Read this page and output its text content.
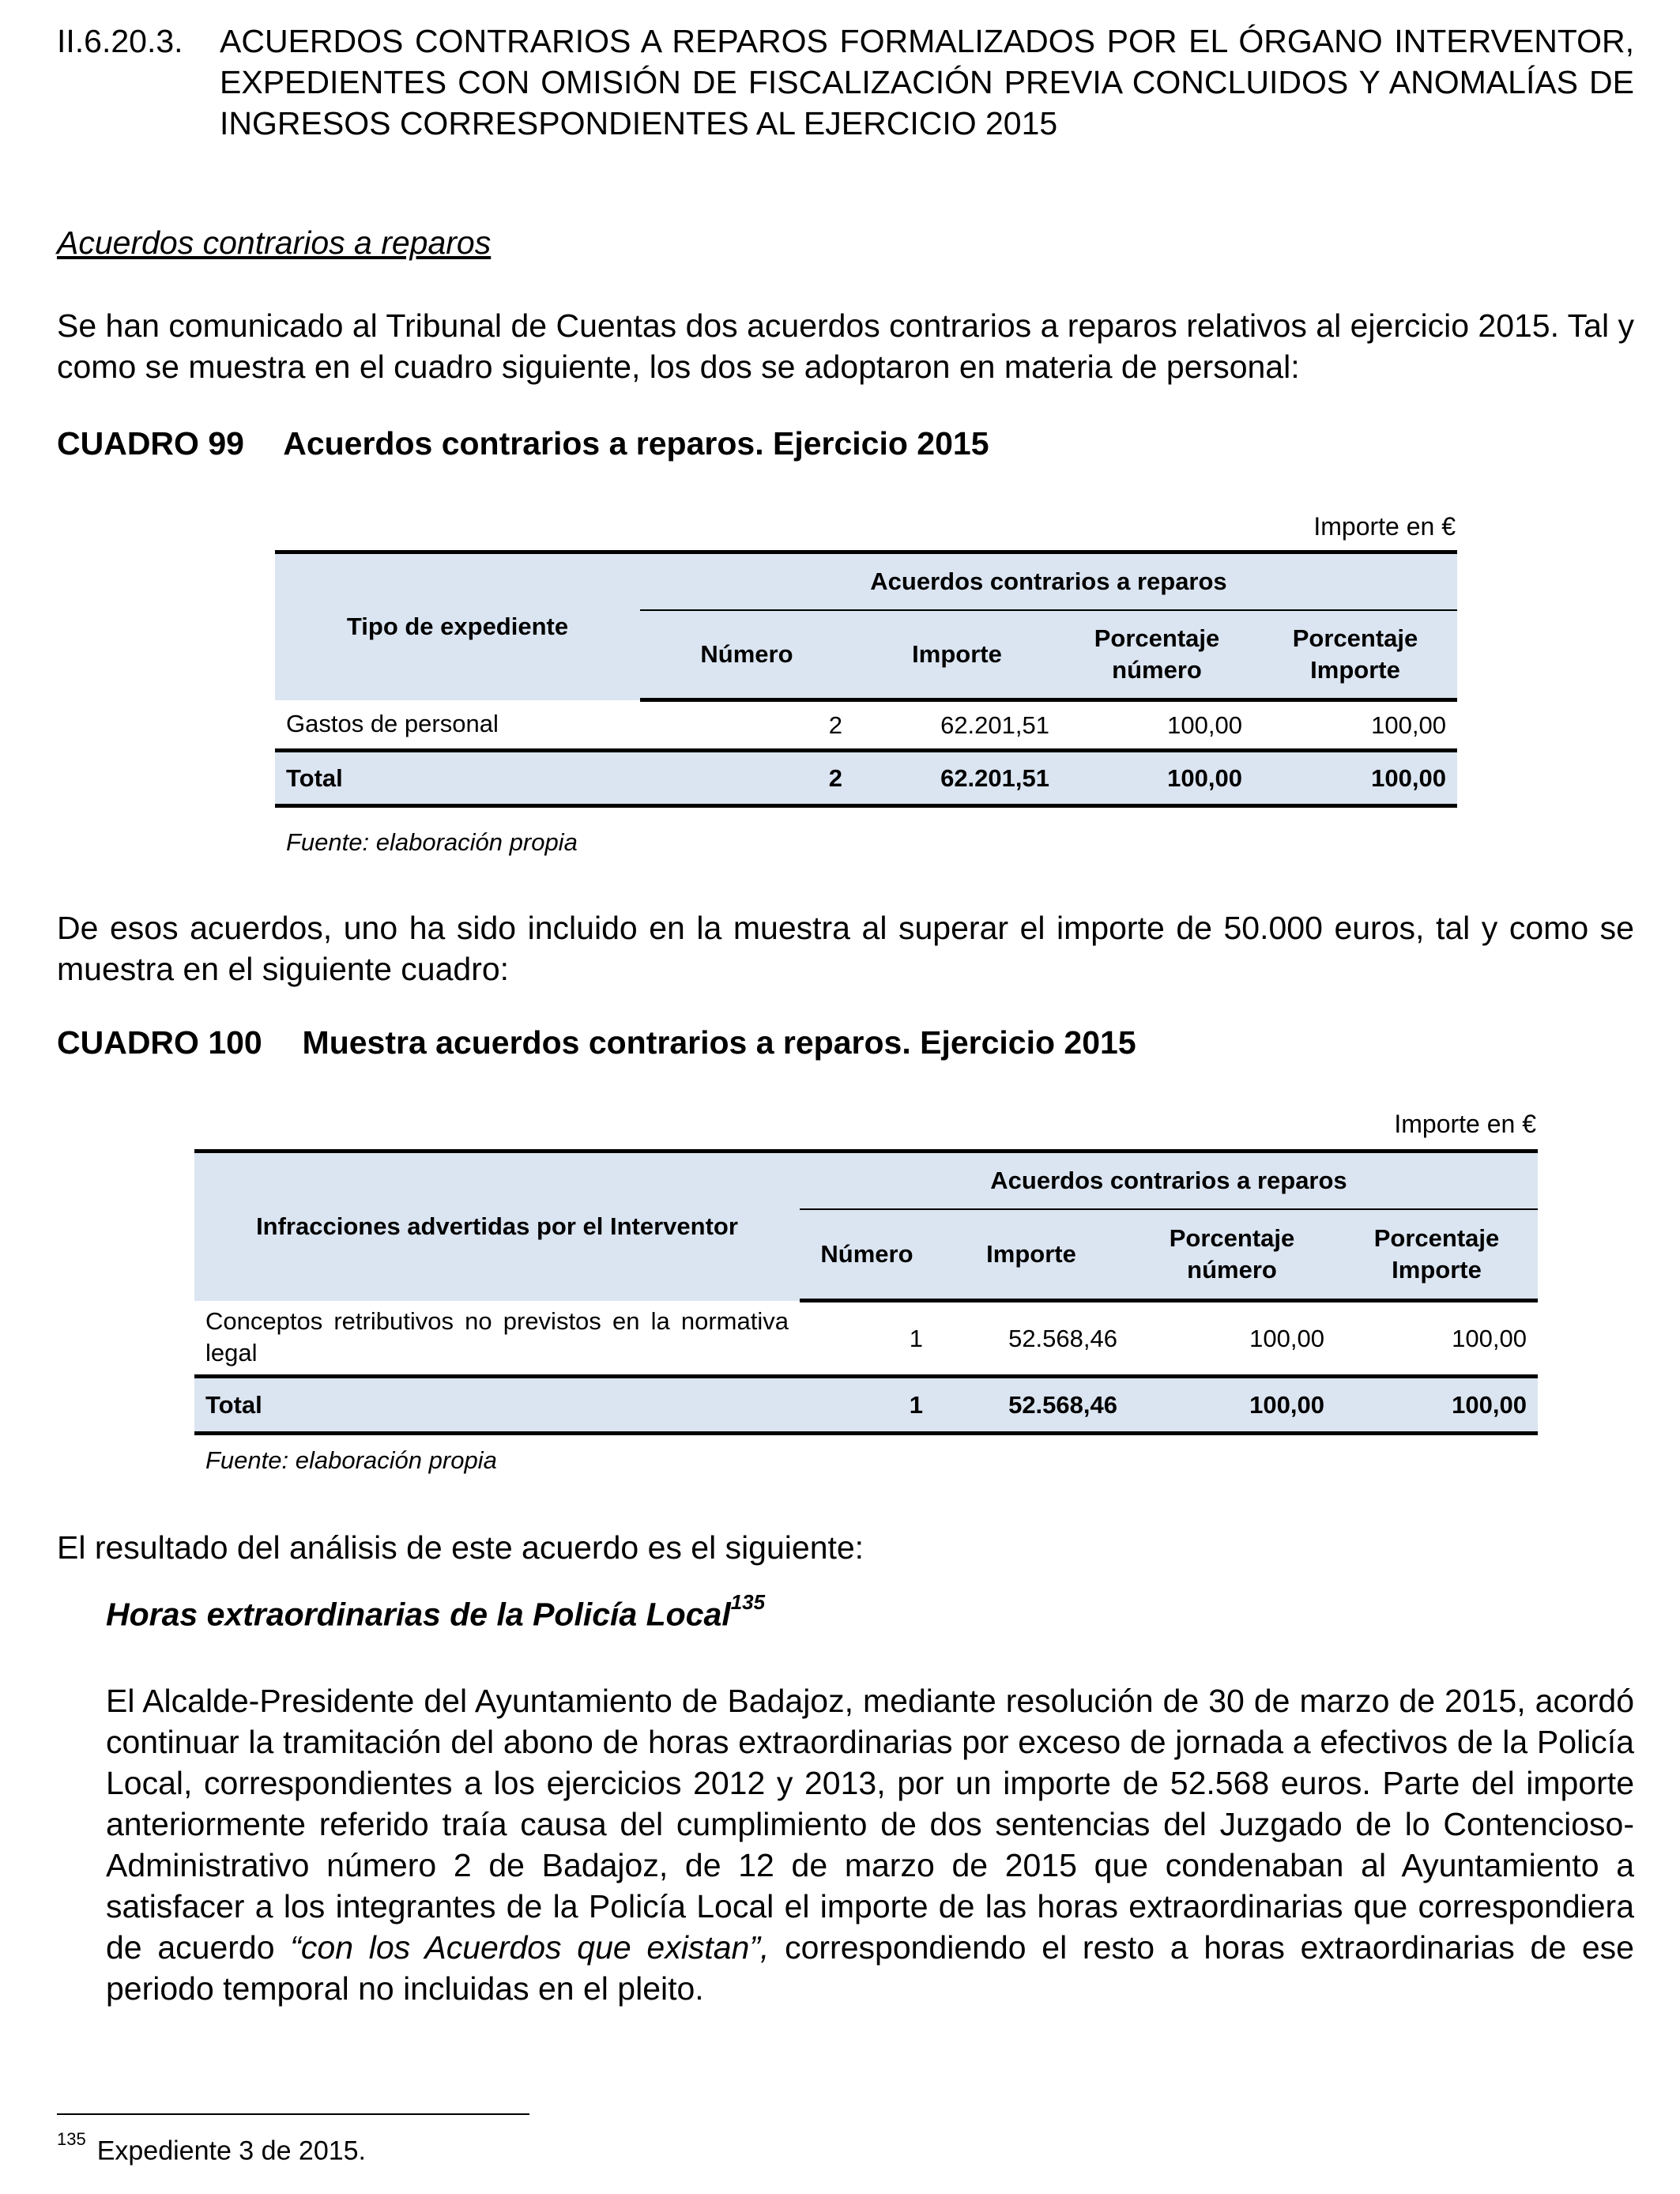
II.6.20.3. ACUERDOS CONTRARIOS A REPAROS FORMALIZADOS POR EL ÓRGANO INTERVENTOR, EXPEDIENTES CON OMISIÓN DE FISCALIZACIÓN PREVIA CONCLUIDOS Y ANOMALÍAS DE INGRESOS CORRESPONDIENTES AL EJERCICIO 2015
Acuerdos contrarios a reparos
Se han comunicado al Tribunal de Cuentas dos acuerdos contrarios a reparos relativos al ejercicio 2015. Tal y como se muestra en el cuadro siguiente, los dos se adoptaron en materia de personal:
CUADRO 99 Acuerdos contrarios a reparos. Ejercicio 2015
Importe en €
Tipo de expediente	Acuerdos contrarios a reparos			
	Número	Importe	Porcentaje número	Porcentaje Importe
Gastos de personal	2	62.201,51	100,00	100,00
Total	2	62.201,51	100,00	100,00
Fuente: elaboración propia
De esos acuerdos, uno ha sido incluido en la muestra al superar el importe de 50.000 euros, tal y como se muestra en el siguiente cuadro:
CUADRO 100 Muestra acuerdos contrarios a reparos. Ejercicio 2015
Importe en €
Infracciones advertidas por el Interventor	Acuerdos contrarios a reparos			
	Número	Importe	Porcentaje número	Porcentaje Importe
Conceptos retributivos no previstos en la normativa legal	1	52.568,46	100,00	100,00
Total	1	52.568,46	100,00	100,00
Fuente: elaboración propia
El resultado del análisis de este acuerdo es el siguiente:
Horas extraordinarias de la Policía Local$^{135}$
El Alcalde-Presidente del Ayuntamiento de Badajoz, mediante resolución de 30 de marzo de 2015, acordó continuar la tramitación del abono de horas extraordinarias por exceso de jornada a efectivos de la Policía Local, correspondientes a los ejercicios 2012 y 2013, por un importe de 52.568 euros. Parte del importe anteriormente referido traía causa del cumplimiento de dos sentencias del Juzgado de lo Contencioso-Administrativo número 2 de Badajoz, de 12 de marzo de 2015 que condenaban al Ayuntamiento a satisfacer a los integrantes de la Policía Local el importe de las horas extraordinarias que correspondiera de acuerdo “con los Acuerdos que existan”, correspondiendo el resto a horas extraordinarias de ese periodo temporal no incluidas en el pleito.
$^{135}$ Expediente 3 de 2015.
